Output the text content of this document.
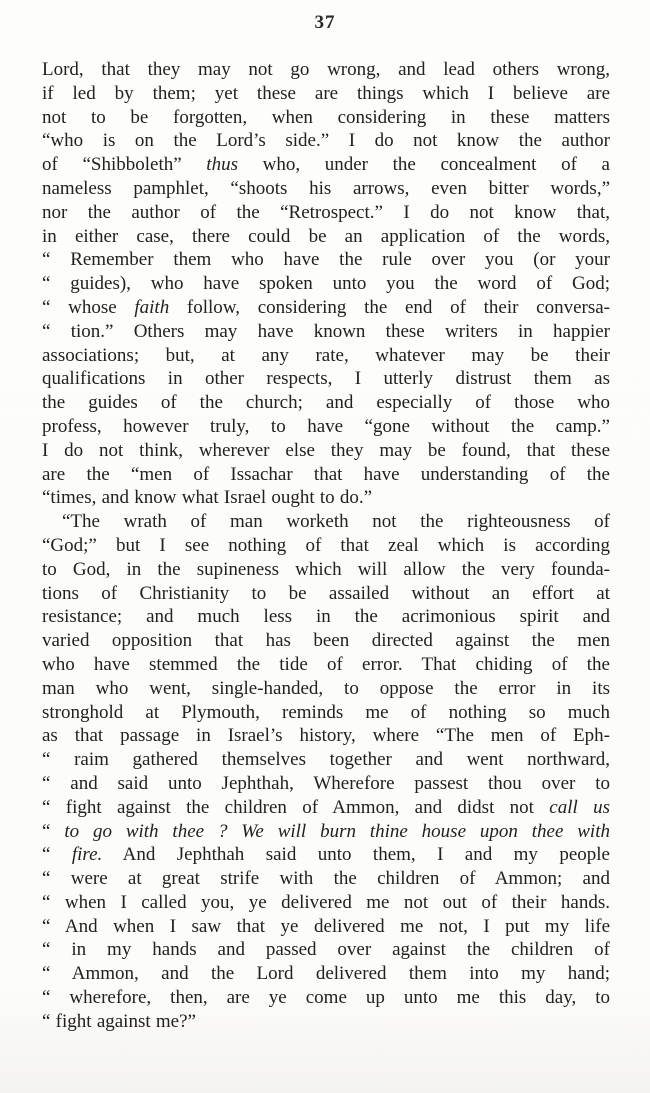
37
Lord, that they may not go wrong, and lead others wrong,
if led by them; yet these are things which I believe are
not to be forgotten, when considering in these matters
“who is on the Lord’s side.” I do not know the author
of “Shibboleth” thus who, under the concealment of a
nameless pamphlet, “shoots his arrows, even bitter words,”
nor the author of the “Retrospect.” I do not know that,
in either case, there could be an application of the words,
“ Remember them who have the rule over you (or your
“ guides), who have spoken unto you the word of God;
“ whose faith follow, considering the end of their conversa-
“ tion.” Others may have known these writers in happier
associations; but, at any rate, whatever may be their
qualifications in other respects, I utterly distrust them as
the guides of the church; and especially of those who
profess, however truly, to have “gone without the camp.”
I do not think, wherever else they may be found, that these
are the “men of Issachar that have understanding of the
“times, and know what Israel ought to do.”
“The wrath of man worketh not the righteousness of
“God;” but I see nothing of that zeal which is according
to God, in the supineness which will allow the very founda-
tions of Christianity to be assailed without an effort at
resistance; and much less in the acrimonious spirit and
varied opposition that has been directed against the men
who have stemmed the tide of error. That chiding of the
man who went, single-handed, to oppose the error in its
stronghold at Plymouth, reminds me of nothing so much
as that passage in Israel’s history, where “The men of Eph-
“ raim gathered themselves together and went northward,
“ and said unto Jephthah, Wherefore passest thou over to
“ fight against the children of Ammon, and didst not call us
“ to go with thee ? We will burn thine house upon thee with
“ fire. And Jephthah said unto them, I and my people
“ were at great strife with the children of Ammon; and
“ when I called you, ye delivered me not out of their hands.
“ And when I saw that ye delivered me not, I put my life
“ in my hands and passed over against the children of
“ Ammon, and the Lord delivered them into my hand;
“ wherefore, then, are ye come up unto me this day, to
“ fight against me?”
